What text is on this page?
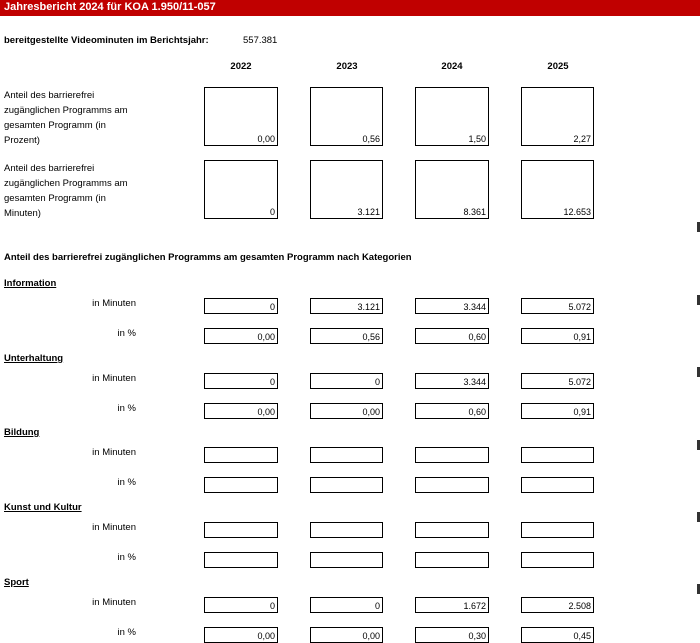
Jahresbericht 2024 für KOA 1.950/11-057
bereitgestellte Videominuten im Berichtsjahr:	557.381
2022	2023	2024	2025
Anteil des barrierefrei
zugänglichen Programms am
gesamten Programm (in
Prozent)	0,00	0,56	1,50	2,27
Anteil des barrierefrei
zugänglichen Programms am
gesamten Programm (in
Minuten)	0	3.121	8.361	12.653
Anteil des barrierefrei zugänglichen Programms am gesamten Programm nach Kategorien
Information
in Minuten	0	3.121	3.344	5.072
in %	0,00	0,56	0,60	0,91
Unterhaltung
in Minuten	0	0	3.344	5.072
in %	0,00	0,00	0,60	0,91
Bildung
in Minuten
in %
Kunst und Kultur
in Minuten
in %
Sport
in Minuten	0	0	1.672	2.508
in %	0,00	0,00	0,30	0,45
